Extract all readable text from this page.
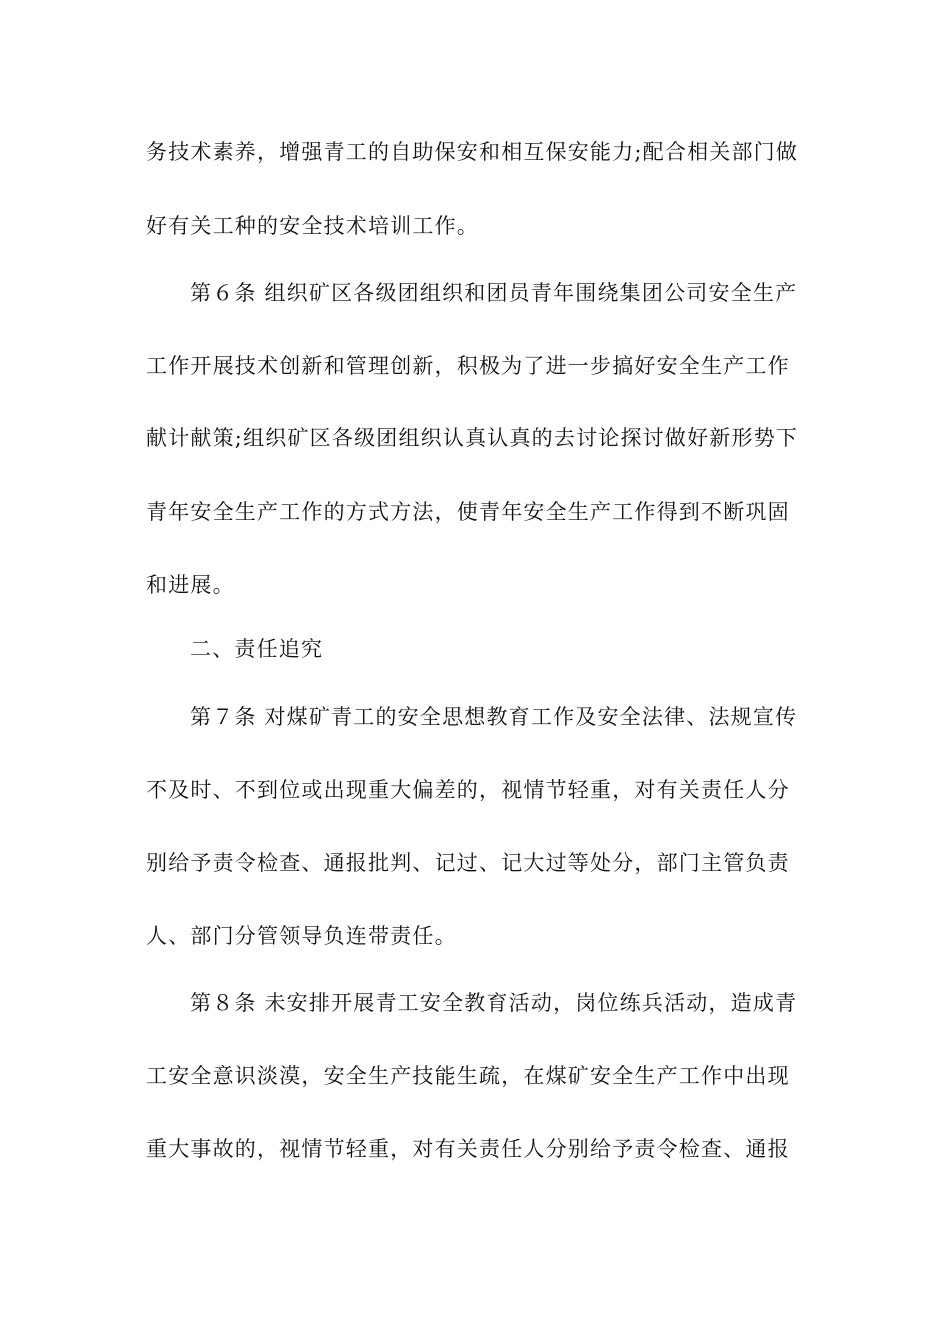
务技术素养，增强青工的自助保安和相互保安能力;配合相关部门做
好有关工种的安全技术培训工作。
第６条 组织矿区各级团组织和团员青年围绕集团公司安全生产
工作开展技术创新和管理创新，积极为了进一步搞好安全生产工作
献计献策;组织矿区各级团组织认真认真的去讨论探讨做好新形势下
青年安全生产工作的方式方法，使青年安全生产工作得到不断巩固
和进展。
二、责任追究
第７条 对煤矿青工的安全思想教育工作及安全法律、法规宣传
不及时、不到位或出现重大偏差的，视情节轻重，对有关责任人分
别给予责令检查、通报批判、记过、记大过等处分，部门主管负责
人、部门分管领导负连带责任。
第８条 未安排开展青工安全教育活动，岗位练兵活动，造成青
工安全意识淡漠，安全生产技能生疏，在煤矿安全生产工作中出现
重大事故的，视情节轻重，对有关责任人分别给予责令检查、通报
